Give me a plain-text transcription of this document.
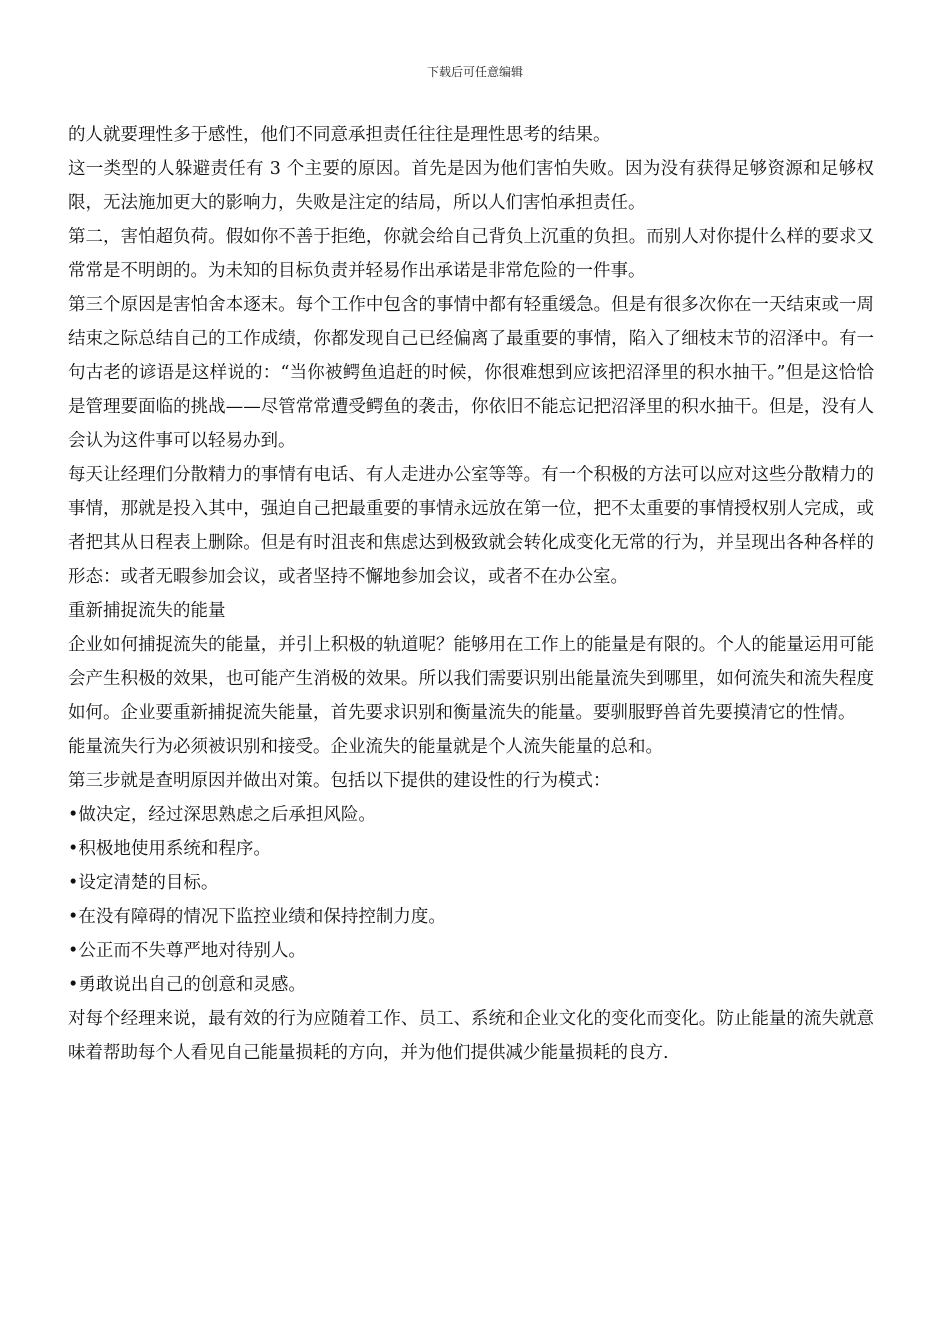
下载后可任意编辑

的人就要理性多于感性，他们不同意承担责任往往是理性思考的结果。

这一类型的人躲避责任有 3 个主要的原因。首先是因为他们害怕失败。因为没有获得足够资源和足够权限，无法施加更大的影响力，失败是注定的结局，所以人们害怕承担责任。

第二，害怕超负荷。假如你不善于拒绝，你就会给自己背负上沉重的负担。而别人对你提什么样的要求又常常是不明朗的。为未知的目标负责并轻易作出承诺是非常危险的一件事。

第三个原因是害怕舍本逐末。每个工作中包含的事情中都有轻重缓急。但是有很多次你在一天结束或一周结束之际总结自己的工作成绩，你都发现自己已经偏离了最重要的事情，陷入了细枝末节的沼泽中。有一句古老的谚语是这样说的：“当你被鳄鱼追赶的时候，你很难想到应该把沼泽里的积水抽干。”但是这恰恰是管理要面临的挑战——尽管常常遭受鳄鱼的袭击，你依旧不能忘记把沼泽里的积水抽干。但是，没有人会认为这件事可以轻易办到。

每天让经理们分散精力的事情有电话、有人走进办公室等等。有一个积极的方法可以应对这些分散精力的事情，那就是投入其中，强迫自己把最重要的事情永远放在第一位，把不太重要的事情授权别人完成，或者把其从日程表上删除。但是有时沮丧和焦虑达到极致就会转化成变化无常的行为，并呈现出各种各样的形态：或者无暇参加会议，或者坚持不懈地参加会议，或者不在办公室。

重新捕捉流失的能量

企业如何捕捉流失的能量，并引上积极的轨道呢？能够用在工作上的能量是有限的。个人的能量运用可能会产生积极的效果，也可能产生消极的效果。所以我们需要识别出能量流失到哪里，如何流失和流失程度如何。企业要重新捕捉流失能量，首先要求识别和衡量流失的能量。要驯服野兽首先要摸清它的性情。

能量流失行为必须被识别和接受。企业流失的能量就是个人流失能量的总和。

第三步就是查明原因并做出对策。包括以下提供的建设性的行为模式：

•做决定，经过深思熟虑之后承担风险。
•积极地使用系统和程序。
•设定清楚的目标。
•在没有障碍的情况下监控业绩和保持控制力度。
•公正而不失尊严地对待别人。
•勇敢说出自己的创意和灵感。

对每个经理来说，最有效的行为应随着工作、员工、系统和企业文化的变化而变化。防止能量的流失就意味着帮助每个人看见自己能量损耗的方向，并为他们提供减少能量损耗的良方.
